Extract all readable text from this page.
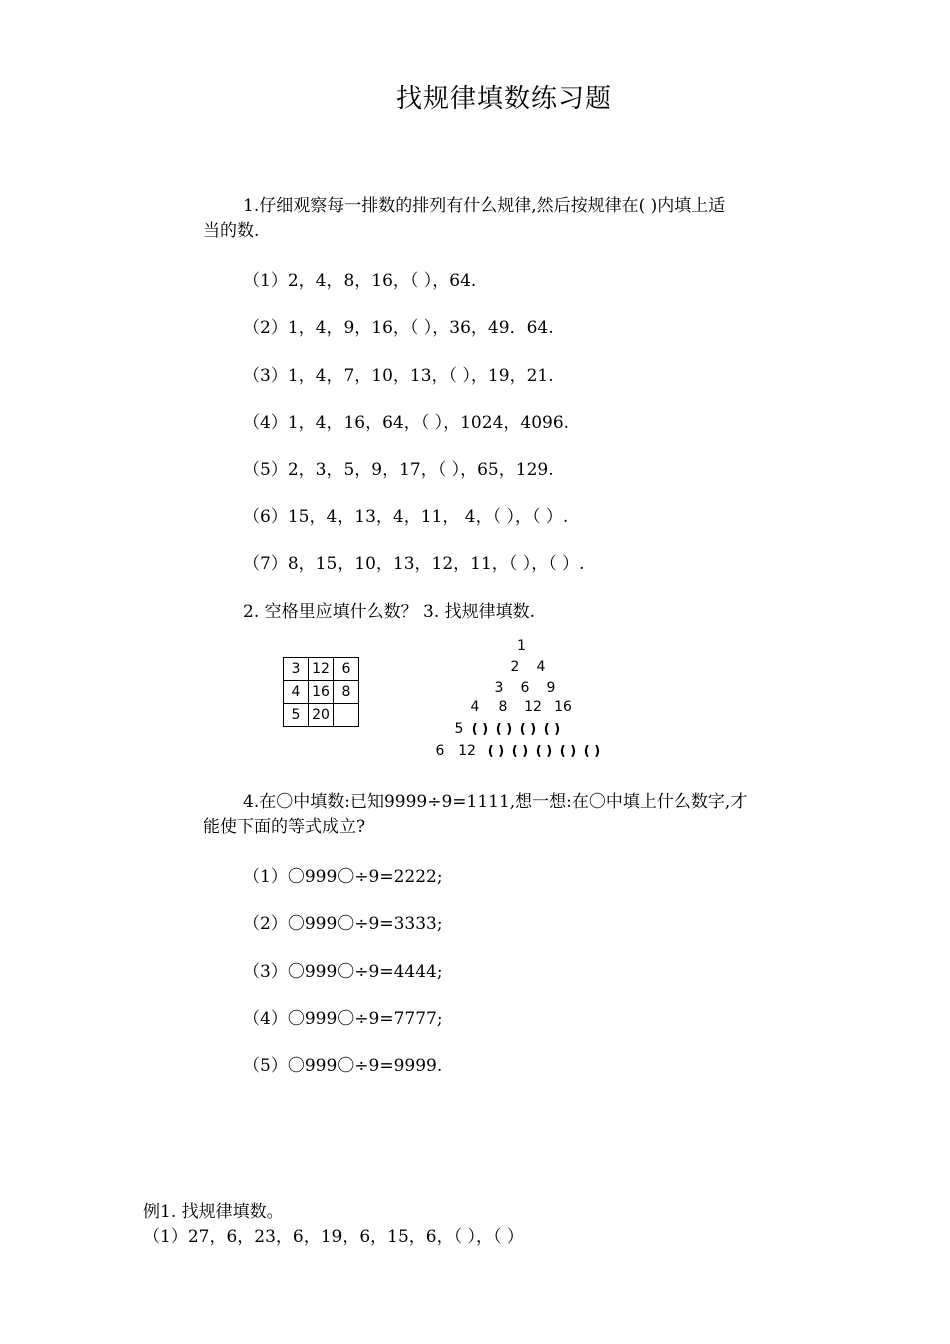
找规律填数练习题
1.仔细观察每一排数的排列有什么规律,然后按规律在( )内填上适
当的数.
（1）2，4，8，16，（ ），64.
（2）1，4，9，16，（ ），36，49．64.
（3）1，4，7，10，13，（ ），19，21.
（4）1，4，16，64，（ ），1024，4096.
（5）2，3，5，9，17，（ ），65，129.
（6）15，4，13，4，11， 4，（ ），（ ）.
（7）8，15，10，13，12，11，（ ），（ ）.
2. 空格里应填什么数？ 3. 找规律填数.
3	12	6
4	16	8
5	20	
1
2 4
3 6 9
4 8 12 16
5 ( ) ( ) ( ) ( )
6 12 ( ) ( ) ( ) ( ) ( )
4.在〇中填数:已知9999÷9=1111,想一想:在〇中填上什么数字,才
能使下面的等式成立?
（1）〇999〇÷9=2222;
（2）〇999〇÷9=3333;
（3）〇999〇÷9=4444;
（4）〇999〇÷9=7777;
（5）〇999〇÷9=9999.
例1. 找规律填数。
（1）27，6，23，6，19，6，15，6，（ ），（ ）
